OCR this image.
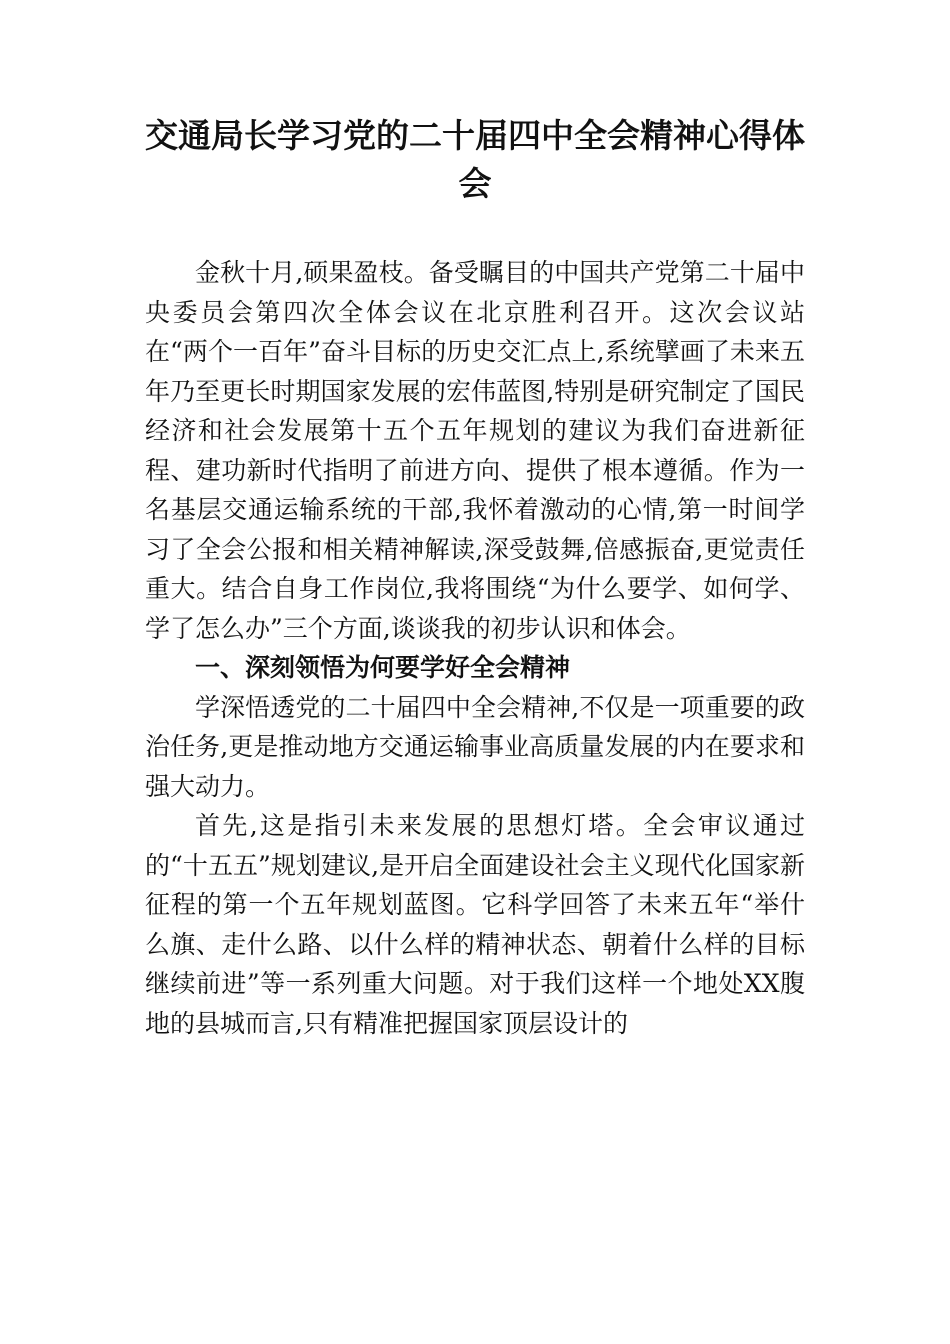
交通局长学习党的二十届四中全会精神心得体会

金秋十月,硕果盈枝。备受瞩目的中国共产党第二十届中央委员会第四次全体会议在北京胜利召开。这次会议站在“两个一百年”奋斗目标的历史交汇点上,系统擘画了未来五年乃至更长时期国家发展的宏伟蓝图,特别是研究制定了国民经济和社会发展第十五个五年规划的建议为我们奋进新征程、建功新时代指明了前进方向、提供了根本遵循。作为一名基层交通运输系统的干部,我怀着激动的心情,第一时间学习了全会公报和相关精神解读,深受鼓舞,倍感振奋,更觉责任重大。结合自身工作岗位,我将围绕“为什么要学、如何学、学了怎么办”三个方面,谈谈我的初步认识和体会。

一、深刻领悟为何要学好全会精神

学深悟透党的二十届四中全会精神,不仅是一项重要的政治任务,更是推动地方交通运输事业高质量发展的内在要求和强大动力。

首先,这是指引未来发展的思想灯塔。全会审议通过的“十五五”规划建议,是开启全面建设社会主义现代化国家新征程的第一个五年规划蓝图。它科学回答了未来五年“举什么旗、走什么路、以什么样的精神状态、朝着什么样的目标继续前进”等一系列重大问题。对于我们这样一个地处XX腹地的县城而言,只有精准把握国家顶层设计的
